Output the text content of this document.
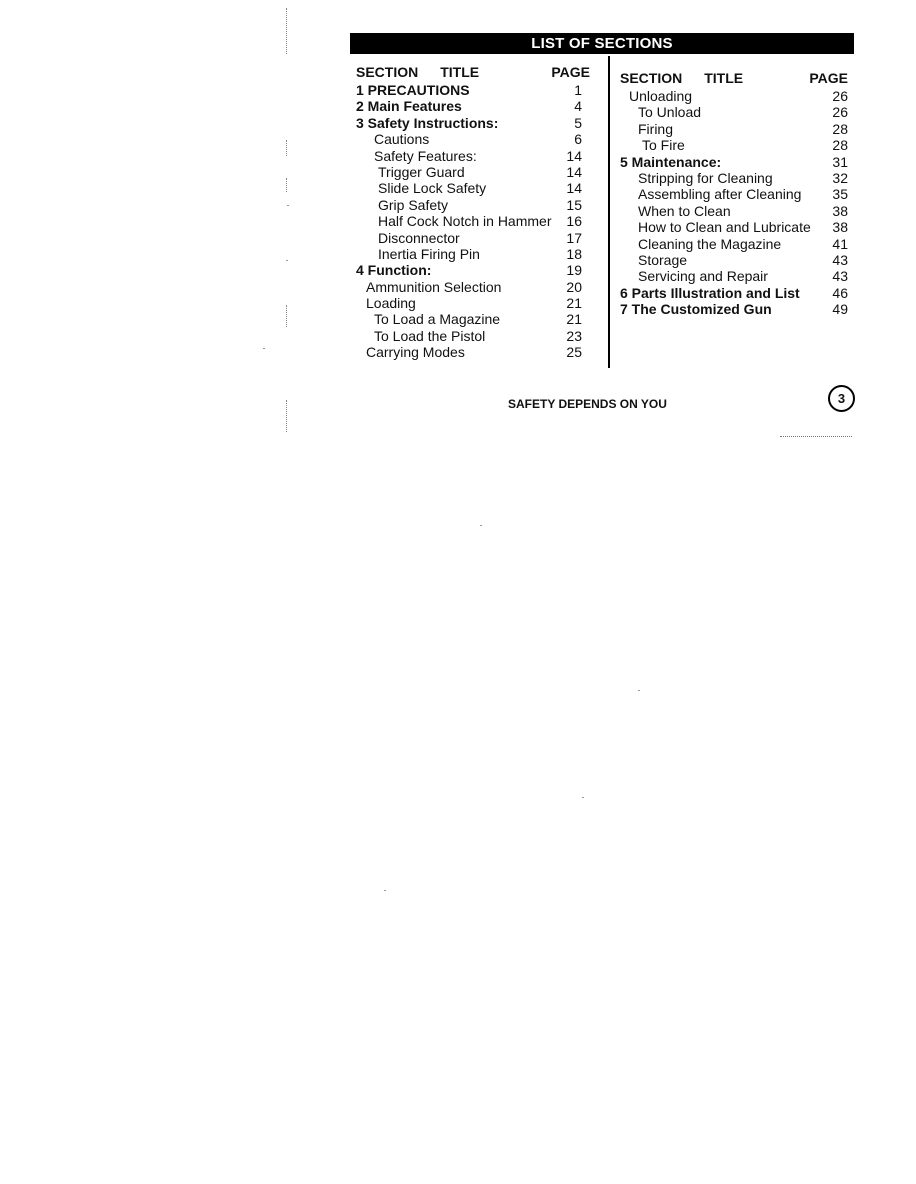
LIST OF SECTIONS
SECTION TITLE	PAGE
1 PRECAUTIONS	1
2 Main Features	4
3 Safety Instructions:	5
Cautions	6
Safety Features:	14
Trigger Guard	14
Slide Lock Safety	14
Grip Safety	15
Half Cock Notch in Hammer	16
Disconnector	17
Inertia Firing Pin	18
4 Function:	19
Ammunition Selection	20
Loading	21
To Load a Magazine	21
To Load the Pistol	23
Carrying Modes	25
SECTION TITLE	PAGE
Unloading	26
To Unload	26
Firing	28
To Fire	28
5 Maintenance:	31
Stripping for Cleaning	32
Assembling after Cleaning	35
When to Clean	38
How to Clean and Lubricate	38
Cleaning the Magazine	41
Storage	43
Servicing and Repair	43
6 Parts Illustration and List	46
7 The Customized Gun	49
SAFETY DEPENDS ON YOU	3
